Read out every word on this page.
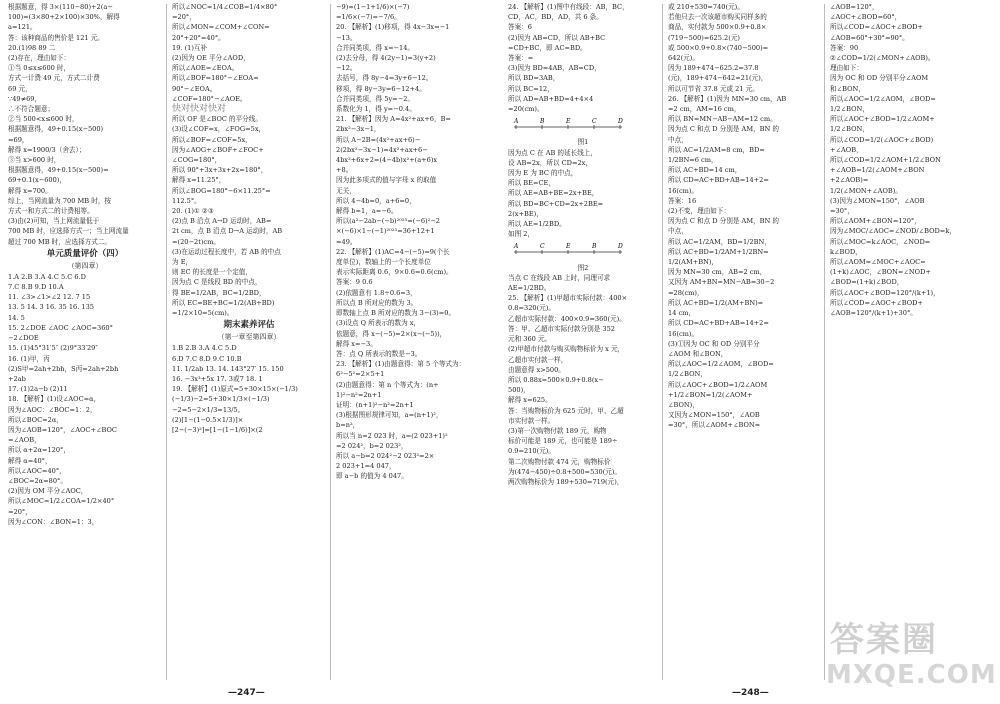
根据题意，得 3×(110−80)+2(a−

100)=(3×80+2×100)×30%，解得

a=121。

答：该种商品的售价是 121 元。

20.(1)98 89 二

(2)存在，理由如下：

①当 0≤x≤600 时，

方式一计费 49 元，方式二计费

69 元，

∵49≠69，

∴不符合题意；

②当 500<x≤600 时，

根据题意得，49+0.15(x−500)

=69，

解得 x=1900/3（舍去）；

③当 x>600 时，

根据题意得，49+0.15(x−500)=

69+0.1(x−600)，

解得 x=700。

综上，当网流量为 700 MB 时，按

方式一和方式二的计费相等。

(3)由(2)可知，当上网流量低于

700 MB 时，应选择方式一；当上网流量

超过 700 MB 时，应选择方式二。

单元质量评价（四）

（第四章）

1.A 2.B 3.A 4.C 5.C 6.D

7.C 8.B 9.D 10.A

11. ∠3>∠1>∠2 12. 7 15

13. 5 14. 3 16. 35 16. 135

14. 5

15. 2∠DOE ∠AOC ∠AOC=360°

−2∠DOE

15. (1)45°31′5″ (2)9°33′29″

16. (1)甲，丙

(2)S甲=2ah+2bh，S丙=2ah+2bh

+2ab

17. (1)2a−b (2)11

18. 【解析】(1)设∠AOC=α，

因为∠AOC：∠BOC=1：2，

所以∠BOC=2α，

因为∠AOB=120°，∠AOC+∠BOC

=∠AOB，

所以 α+2α=120°，

解得 α=40°，

所以∠AOC=40°，

∠BOC=2α=80°。

(2)因为 OM 平分∠AOC，

所以∠MOC=1/2∠COA=1/2×40°

=20°，

因为∠CON：∠BON=1：3，

所以∠NOC=1/4∠COB=1/4×80°

=20°，

所以∠MON=∠COM+∠CON=

20°+20°=40°。

19. (1)互补

(2)因为 OE 平分∠AOD，

所以∠AOE=∠EOA。

所以∠BOF=180°−∠EOA=

90°−∠EOA。

∠COF=180°−∠AOE。

快对快对快对

所以 OF 是∠BOC 的平分线。

(3)设∠COF=x，∠FOG=5x，

所以∠BOF=∠COF=5x，

因为∠AOG+∠BOF+∠FOC+

∠COG=180°，

所以 90°+3x+3x+2x=180°，

解得 x=11.25°，

所以∠BOG=180°−6×11.25°=

112.5°。

20. (1)① ②③

(2)点 B 沿点 A→D 运动时，AB=

2t cm，点 B 沿点 D→A 运动时，AB

=(20−2t)cm。

(3)在运动过程长度中，若 AB 的中点

为 E，

则 EC 的长度是一个定值，

因为点 C 是线段 BD 的中点，

得 BE=1/2AB，BC=1/2BD，

所以 EC=BE+BC=1/2(AB+BD)

=1/2×10=5(cm)。

期末素养评估

（第一章至第四章）

1.B 2.B 3.A 4.C 5.D

6.D 7.C 8.D 9.C 10.B

11. 1/2ab 13. 14. 143°27′ 15. 150

16. −3x³+5x 17. 3或7 18. 1

19. 【解析】(1)原式=5+30×15×(−1/3)

(−1/3)−2=5+30×1/3×(−1/3)

−2=5−2×1/3=13/5。

(2)[1−(1−0.5×1/3)]×

[2−(−3)²]=[1−(1−1/6)]×(2

−9)=(1−1+1/6)×(−7)

=1/6×(−7)=−7/6。

20. 【解析】(1)移项，得 4x−3x=−1

−13。

合并同类项，得 x=−14。

(2)去分母，得 4(2y−1)=3(y+2)

−12。

去括号，得 8y−4=3y+6−12。

移项，得 8y−3y=6−12+4。

合并同类项，得 5y=−2。

系数化为 1，得 y=−0.4。

21. 【解析】因为 A=4x²+ax+6，B=

2bx²−3x−1，

所以 A−2B=(4x²+ax+6)−

2(2bx²−3x−1)=4x²+ax+6−

4bx²+6x+2=(4−4b)x²+(a+6)x

+8。

因为此多项式的值与字母 x 的取值

无关，

所以 4−4b=0，a+6=0，

解得 b=1，a=−6。

所以(a²−2ab−(−b)²⁰²³=(−6)²−2

×(−6)×1−(−1)²⁰²³=36+12+1

=49。

22. 【解析】(1)AC=4−(−5)=9(个长

度单位)，数轴上的一个长度单位

表示实际距离 0.6，9×0.6=0.6(cm)。

答案：9 0.6

(2)依题意有 1.8÷0.6=3，

所以点 B 所对应的数为 3。

即数轴上点 B 所对应的数为 3−(3)=0。

(3)设点 Q 所表示的数为 x，

依题意，得 x−(−5)=2×(x−(−5))，

解得 x=−3。

答：点 Q 所表示的数是−3。

23. 【解析】(1)由题意得：第 5 个等式为：

6²−5²=2×5+1

(2)由题意得：第 n 个等式为：(n+

1)²−n²=2n+1

证明：(n+1)²−n²=2n+1

(3)根据图形规律可知，a=(n+1)²，

b=n²，

所以当 n=2 023 时，a=(2 023+1)²

=2 024²，b=2 023²，

所以 a−b=2 024²−2 023²=2×

2 023+1=4 047，

即 a−b 的值为 4 047。

—247—

24. 【解析】(1)图中有线段：AB，BC，

CD，AC，BD，AD，共 6 条。

答案：6

(2)因为 AB=CD，所以 AB+BC

=CD+BC，即 AC=BD。

答案：=

(3)因为 BD=4AB，AB=CD，

所以 BD=3AB，

所以 BC=12，

所以 AD=AB+BD=4+4×4

=20(cm)。

A	B	E	C	D

图1

因为点 C 在 AB 的延长线上，

设 AB=2x，所以 CD=2x，

因为 E 为 BC 的中点，

所以 BE=CE，

所以 AE=AB+BE=2x+BE，

所以 BD=BC+CD=2x+2BE=

2(x+BE)，

所以 AE=1/2BD。

如图 2，

A	C	E	B	D

图2

当点 C 在线段 AB 上时，同理可求

AE=1/2BD。

25. 【解析】(1)甲超市实际付款：400×

0.8=320(元)。

乙超市实际付款：400×0.9=360(元)。

答：甲、乙超市实际付款分别是 352

元和 360 元。

(2)甲超市付款与购买购物标价为 x 元，

乙超市实付款一样，

由题意得 x>500。

所以 0.88x=500×0.9+0.8(x−

500)，

解得 x=625。

答：当购物标价为 625 元时，甲、乙超

市实付款一样。

(3)第一次购物付款 189 元，购物

标价可能是 189 元，也可能是 189÷

0.9=210(元)。

第二次购物付款 474 元，购物标价

为(474−450)÷0.8+500=530(元)。

两次购物标价为 189+530=719(元)，

或 210+530=740(元)。

若他只去一次该超市购买同样多的

商品，实付款为 500×0.9+0.8×

(719−500)=625.2(元)

或 500×0.9+0.8×(740−500)=

642(元)。

因为 189+474−625.2=37.8

(元)，189+474−642=21(元)，

所以可节省 37.8 元或 21 元。

26. 【解析】(1)因为 MN=30 cm，AB

=2 cm，AM=16 cm，

所以 BN=MN−AB−AM=12 cm。

因为点 C 和点 D 分别是 AM，BN 的

中点，

所以 AC=1/2AM=8 cm，BD=

1/2BN=6 cm，

所以 AC+BD=14 cm，

所以 CD=AC+BD+AB=14+2=

16(cm)。

答案：16

(2)不变，理由如下：

因为点 C 和点 D 分别是 AM，BN 的

中点，

所以 AC=1/2AM，BD=1/2BN，

所以 AC+BD=1/2AM+1/2BN=

1/2(AM+BN)，

因为 MN=30 cm，AB=2 cm，

又因为 AM+BN=MN−AB=30−2

=28(cm)，

所以 AC+BD=1/2(AM+BN)=

14 cm，

所以 CD=AC+BD+AB=14+2=

16(cm)。

(3)①因为 OC 和 OD 分别平分

∠AOM 和∠BON，

所以∠AOC=1/2∠AOM，∠BOD=

1/2∠BON，

所以∠AOC+∠BOD=1/2∠AOM

+1/2∠BON=1/2(∠AOM+

∠BON)，

又因为∠MON=150°，∠AOB

=30°，所以∠AOM+∠BON=

∠AOB=120°，

∠AOC+∠BOD=60°，

所以∠COD=∠AOC+∠BOD+

∠AOB=60°+30°=90°。

答案：90

②∠COD=1/2(∠MON+∠AOB)。

理由如下：

因为 OC 和 OD 分别平分∠AOM

和∠BON，

所以∠AOC=1/2∠AOM，∠BOD=

1/2∠BON，

所以∠AOC+∠BOD=1/2∠AOM+

1/2∠BON，

所以∠COD=1/2(∠AOC+∠BOD)

+∠AOB，

所以∠COD=1/2∠AOM+1/2∠BON

+∠AOB=1/2(∠AOM+∠BON

+2∠AOB)=

1/2(∠MON+∠AOB)。

(3)因为∠MON=150°，∠AOB

=30°，

所以∠AOM+∠BON=120°，

因为∠MOC/∠AOC=∠NOD/∠BOD=k，

所以∠MOC=k∠AOC，∠NOD=

k∠BOD，

所以∠AOM=∠MOC+∠AOC=

(1+k)∠AOC，∠BON=∠NOD+

∠BOD=(1+k)∠BOD，

所以∠AOC+∠BOD=120°/(k+1)，

所以∠COD=∠AOC+∠BOD+

∠AOB=120°/(k+1)+30°。

—248—
答案圈
MXQE.COM
